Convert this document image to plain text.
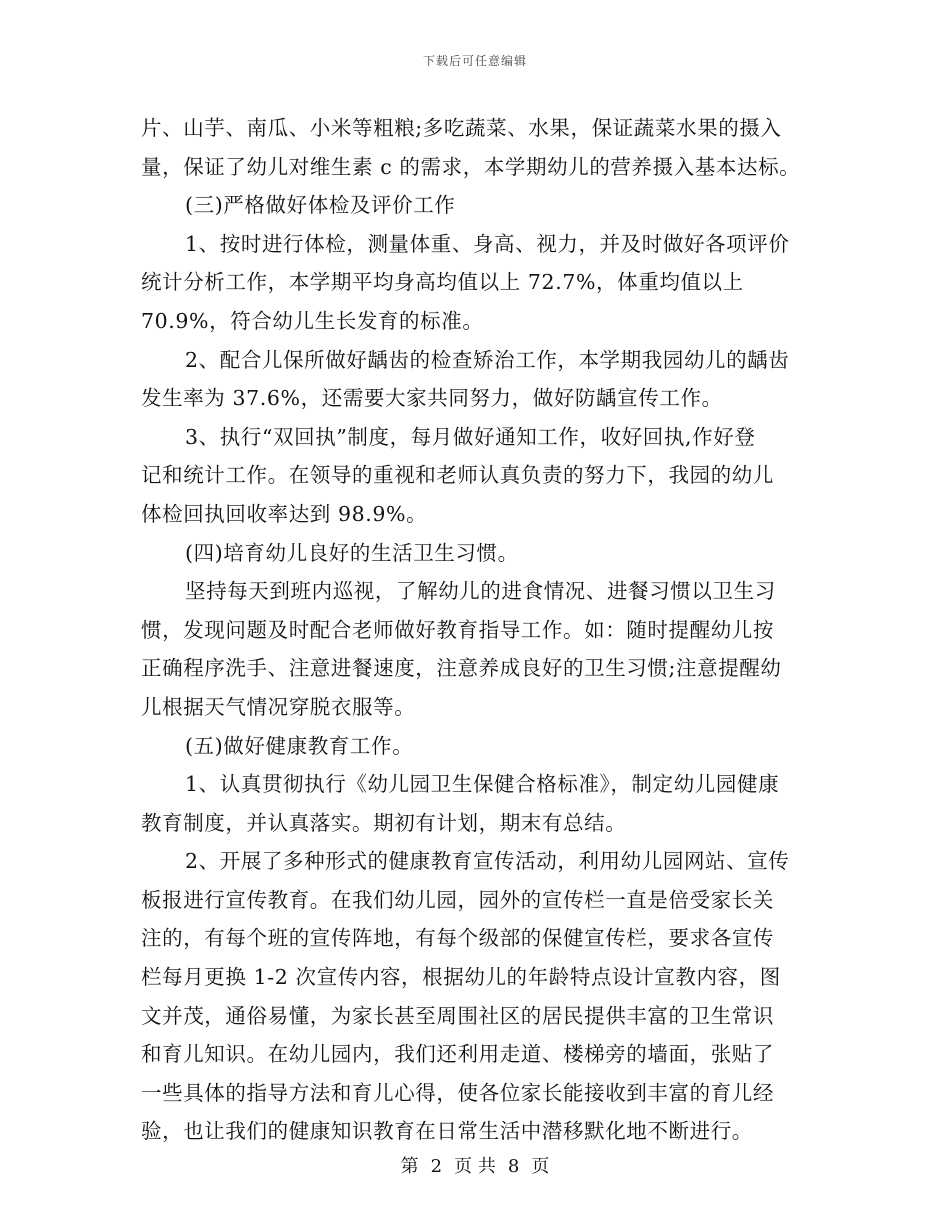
下载后可任意编辑
片、山芋、南瓜、小米等粗粮;多吃蔬菜、水果，保证蔬菜水果的摄入
量，保证了幼儿对维生素 c 的需求，本学期幼儿的营养摄入基本达标。
(三)严格做好体检及评价工作
1、按时进行体检，测量体重、身高、视力，并及时做好各项评价
统计分析工作，本学期平均身高均值以上 72.7%，体重均值以上
70.9%，符合幼儿生长发育的标准。
2、配合儿保所做好龋齿的检查矫治工作，本学期我园幼儿的龋齿
发生率为 37.6%，还需要大家共同努力，做好防龋宣传工作。
3、执行“双回执”制度，每月做好通知工作，收好回执,作好登
记和统计工作。在领导的重视和老师认真负责的努力下，我园的幼儿
体检回执回收率达到 98.9%。
(四)培育幼儿良好的生活卫生习惯。
坚持每天到班内巡视，了解幼儿的进食情况、进餐习惯以卫生习
惯，发现问题及时配合老师做好教育指导工作。如：随时提醒幼儿按
正确程序洗手、注意进餐速度，注意养成良好的卫生习惯;注意提醒幼
儿根据天气情况穿脱衣服等。
(五)做好健康教育工作。
1、认真贯彻执行《幼儿园卫生保健合格标准》，制定幼儿园健康
教育制度，并认真落实。期初有计划，期末有总结。
2、开展了多种形式的健康教育宣传活动，利用幼儿园网站、宣传
板报进行宣传教育。在我们幼儿园，园外的宣传栏一直是倍受家长关
注的，有每个班的宣传阵地，有每个级部的保健宣传栏，要求各宣传
栏每月更换 1-2 次宣传内容，根据幼儿的年龄特点设计宣教内容，图
文并茂，通俗易懂，为家长甚至周围社区的居民提供丰富的卫生常识
和育儿知识。在幼儿园内，我们还利用走道、楼梯旁的墙面，张贴了
一些具体的指导方法和育儿心得，使各位家长能接收到丰富的育儿经
验，也让我们的健康知识教育在日常生活中潜移默化地不断进行。
第 2 页 共 8 页
